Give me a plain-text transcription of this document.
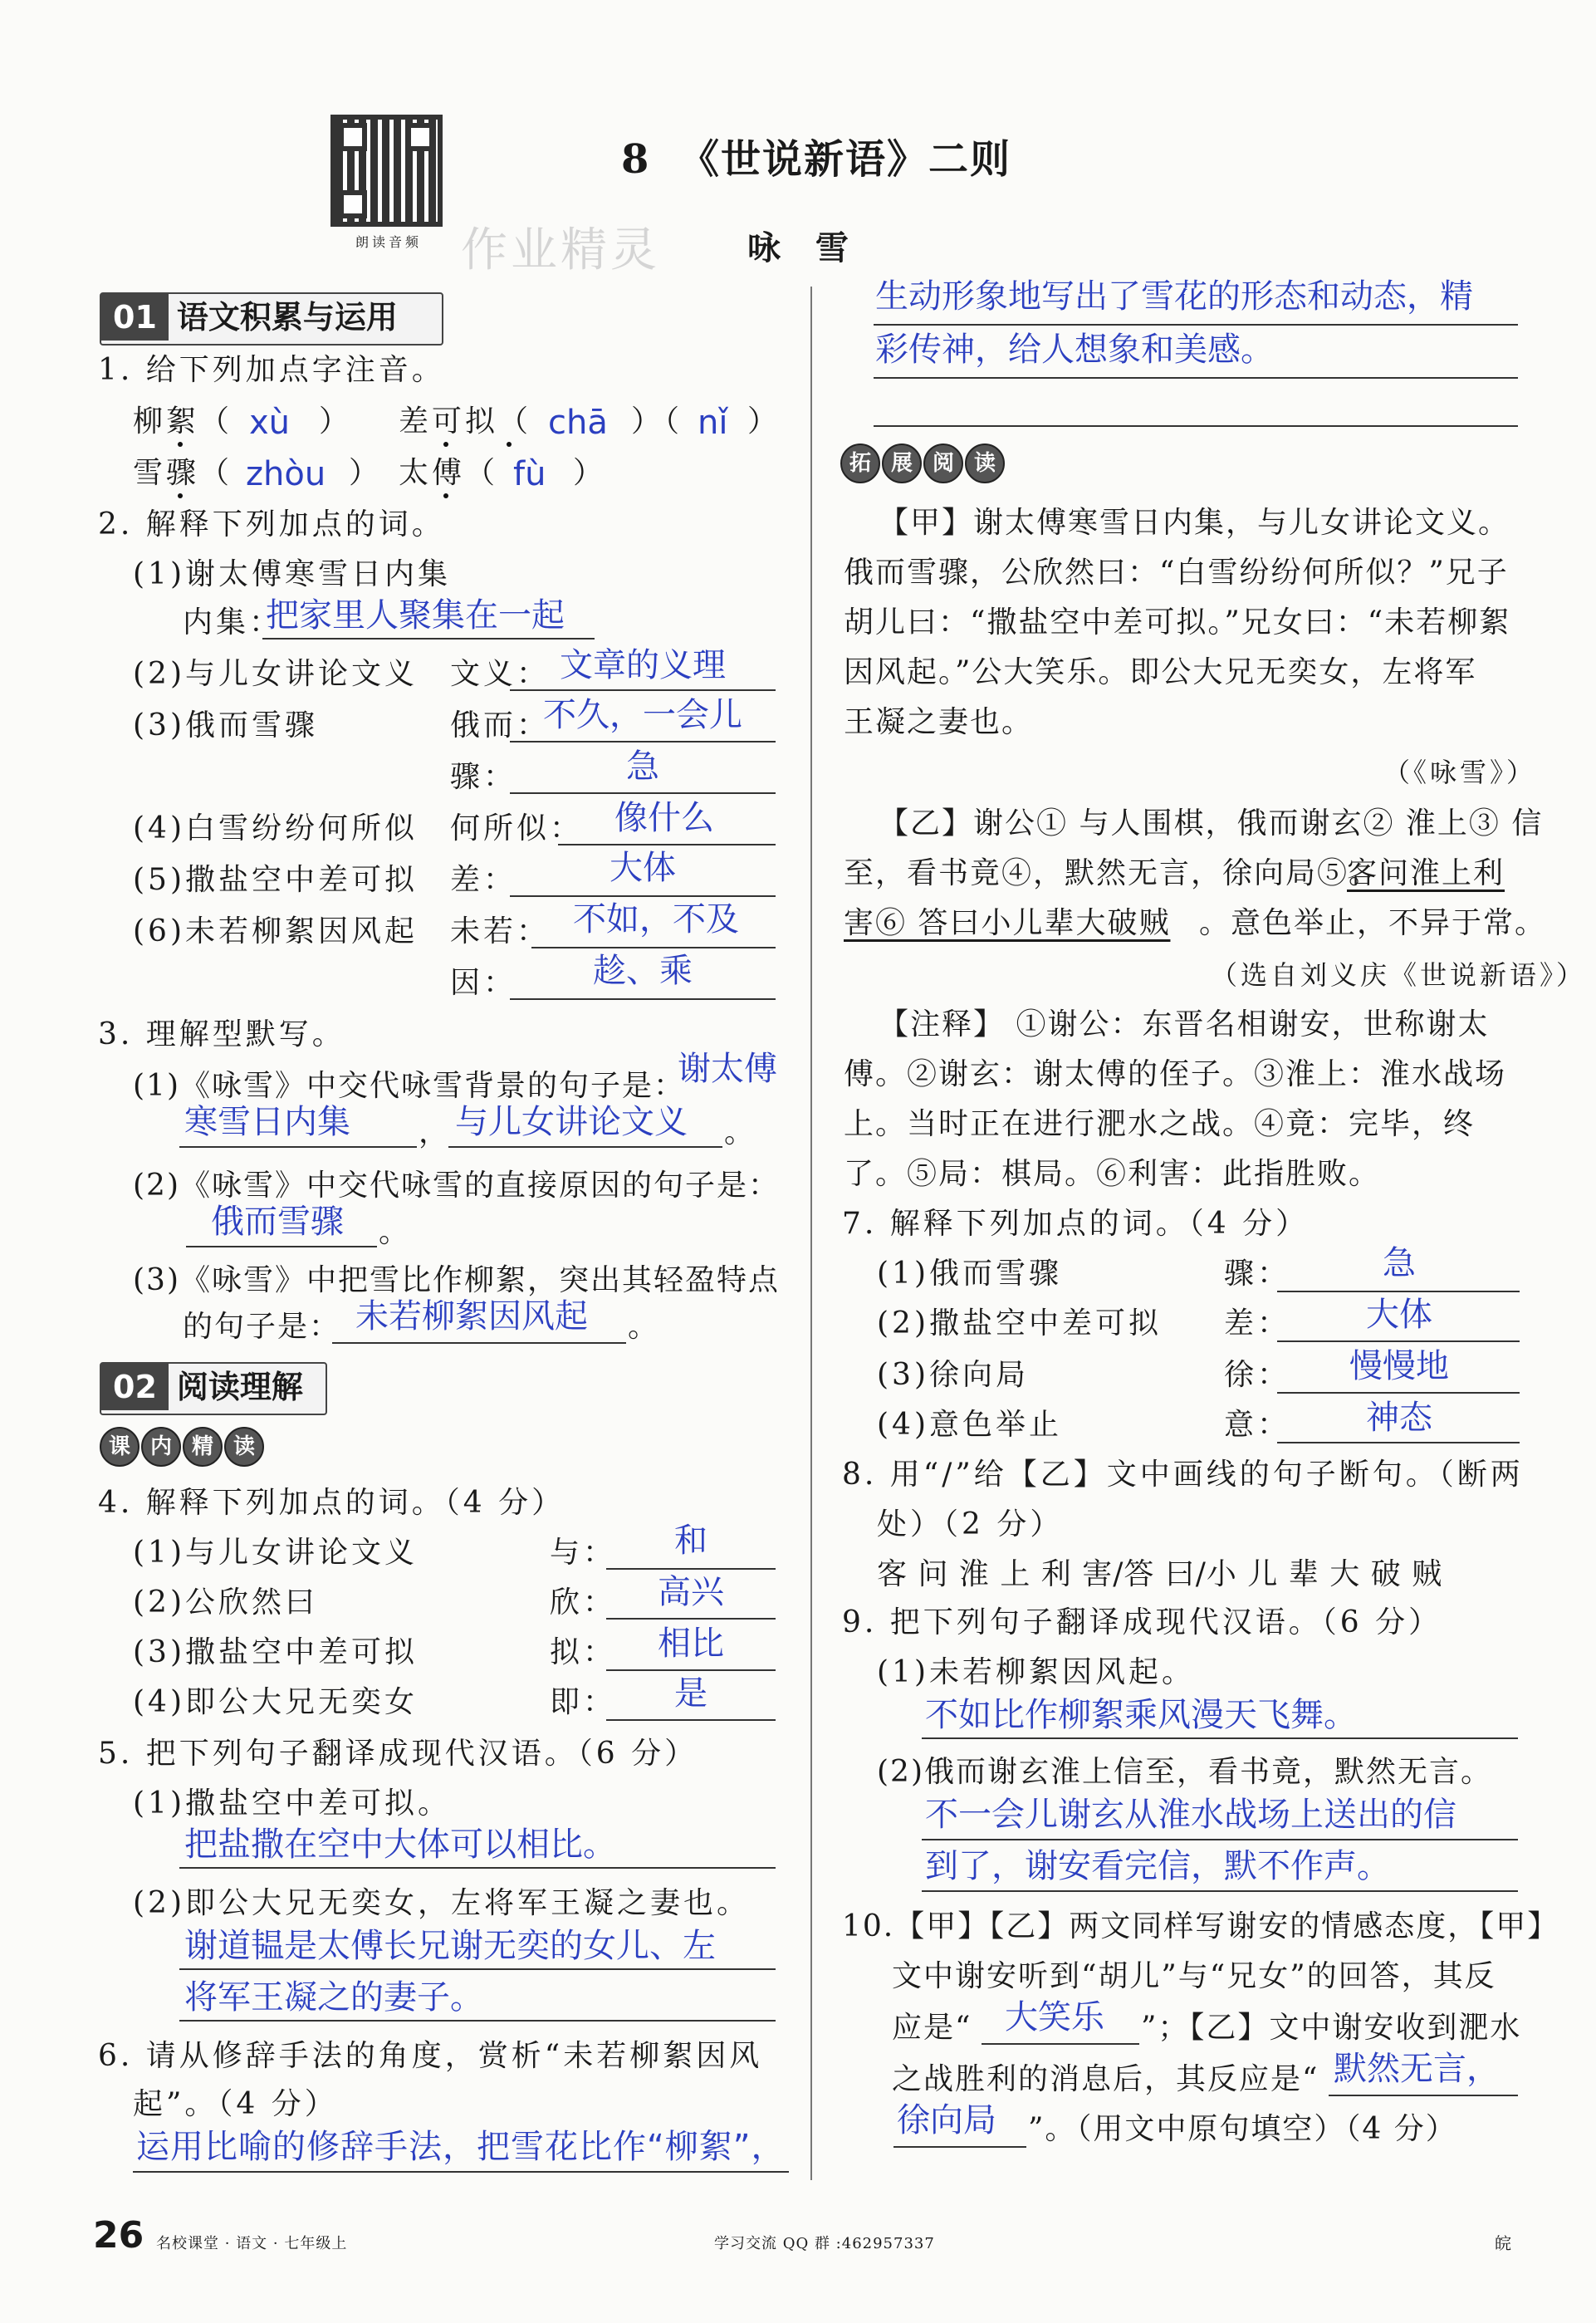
朗读音频 作业精灵
8 《世说新语》二则
咏 雪
01 语文积累与运用
1. 给下列加点字注音。
柳絮（ xù ） 差可拟（ chā ）（ nǐ ）
雪骤（ zhòu ） 太傅（ fù ）
2. 解释下列加点的词。
(1)谢太傅寒雪日内集
内集：
把家里人聚集在一起
(2)与儿女讲论文义 文义： 文章的义理
(3)俄而雪骤	俄而：
不久，一会儿
骤：	急
(4)白雪纷纷何所似 何所似： 像什么
(5)撒盐空中差可拟 差：	大体
(6)未若柳絮因风起 未若： 不如，不及
因：	趁、乘
3. 理解型默写。
(1)《咏雪》中交代咏雪背景的句子是：
谢太傅
寒雪日内集 ， 与儿女讲论文义 。
(2)《咏雪》中交代咏雪的直接原因的句子是：
俄而雪骤 。
(3)《咏雪》中把雪比作柳絮，突出其轻盈特点
的句子是： 未若柳絮因风起 。
02 阅读理解
课 内 精 读
4. 解释下列加点的词。（4 分）
(1)与儿女讲论文义	与：	和
(2)公欣然曰	欣：	高兴
(3)撒盐空中差可拟	拟：	相比
(4)即公大兄无奕女	即：	是
5. 把下列句子翻译成现代汉语。（6 分）
(1)撒盐空中差可拟。
把盐撒在空中大体可以相比。
(2)即公大兄无奕女，左将军王凝之妻也。
谢道韫是太傅长兄谢无奕的女儿、左
将军王凝之的妻子。
6. 请从修辞手法的角度，赏析“未若柳絮因风
起”。（4 分）
运用比喻的修辞手法，把雪花比作“柳絮”，
生动形象地写出了雪花的形态和动态，精
彩传神，给人想象和美感。
拓 展 阅 读
【甲】谢太傅寒雪日内集，与儿女讲论文义。
俄而雪骤，公欣然曰：“白雪纷纷何所似？”兄子
胡儿曰：“撒盐空中差可拟。”兄女曰：“未若柳絮
因风起。”公大笑乐。即公大兄无奕女，左将军
王凝之妻也。
（《咏雪》）
【乙】谢公① 与人围棋，俄而谢玄② 淮上③ 信
至，看书竟④，默然无言，徐向局⑤。
客问淮上利
害⑥ 答曰小儿辈大破贼 。意色举止，不异于常。
（选自刘义庆《世说新语》）
【注释】 ①谢公：东晋名相谢安，世称谢太
傅。②谢玄：谢太傅的侄子。③淮上：淮水战场
上。当时正在进行淝水之战。④竟：完毕，终
了。⑤局：棋局。⑥利害：此指胜败。
7. 解释下列加点的词。（4 分）
(1)俄而雪骤	骤：	急
(2)撒盐空中差可拟 差：	大体
(3)徐向局	徐：	慢慢地
(4)意色举止	意：	神态
8. 用“/”给【乙】文中画线的句子断句。（断两
处）（2 分）
客 问 淮 上 利 害/答 曰/小 儿 辈 大 破 贼
9. 把下列句子翻译成现代汉语。（6 分）
(1)未若柳絮因风起。
不如比作柳絮乘风漫天飞舞。
(2)俄而谢玄淮上信至，看书竟，默然无言。
不一会儿谢玄从淮水战场上送出的信
到了，谢安看完信，默不作声。
10.【甲】【乙】两文同样写谢安的情感态度，【甲】
文中谢安听到“胡儿”与“兄女”的回答，其反
应是“ 大笑乐 ”；【乙】文中谢安收到淝水
之战胜利的消息后，其反应是“ 默然无言，
徐向局 ”。（用文中原句填空）（4 分）
26 名校课堂 · 语文 · 七年级上	学习交流 QQ 群 :462957337	皖
